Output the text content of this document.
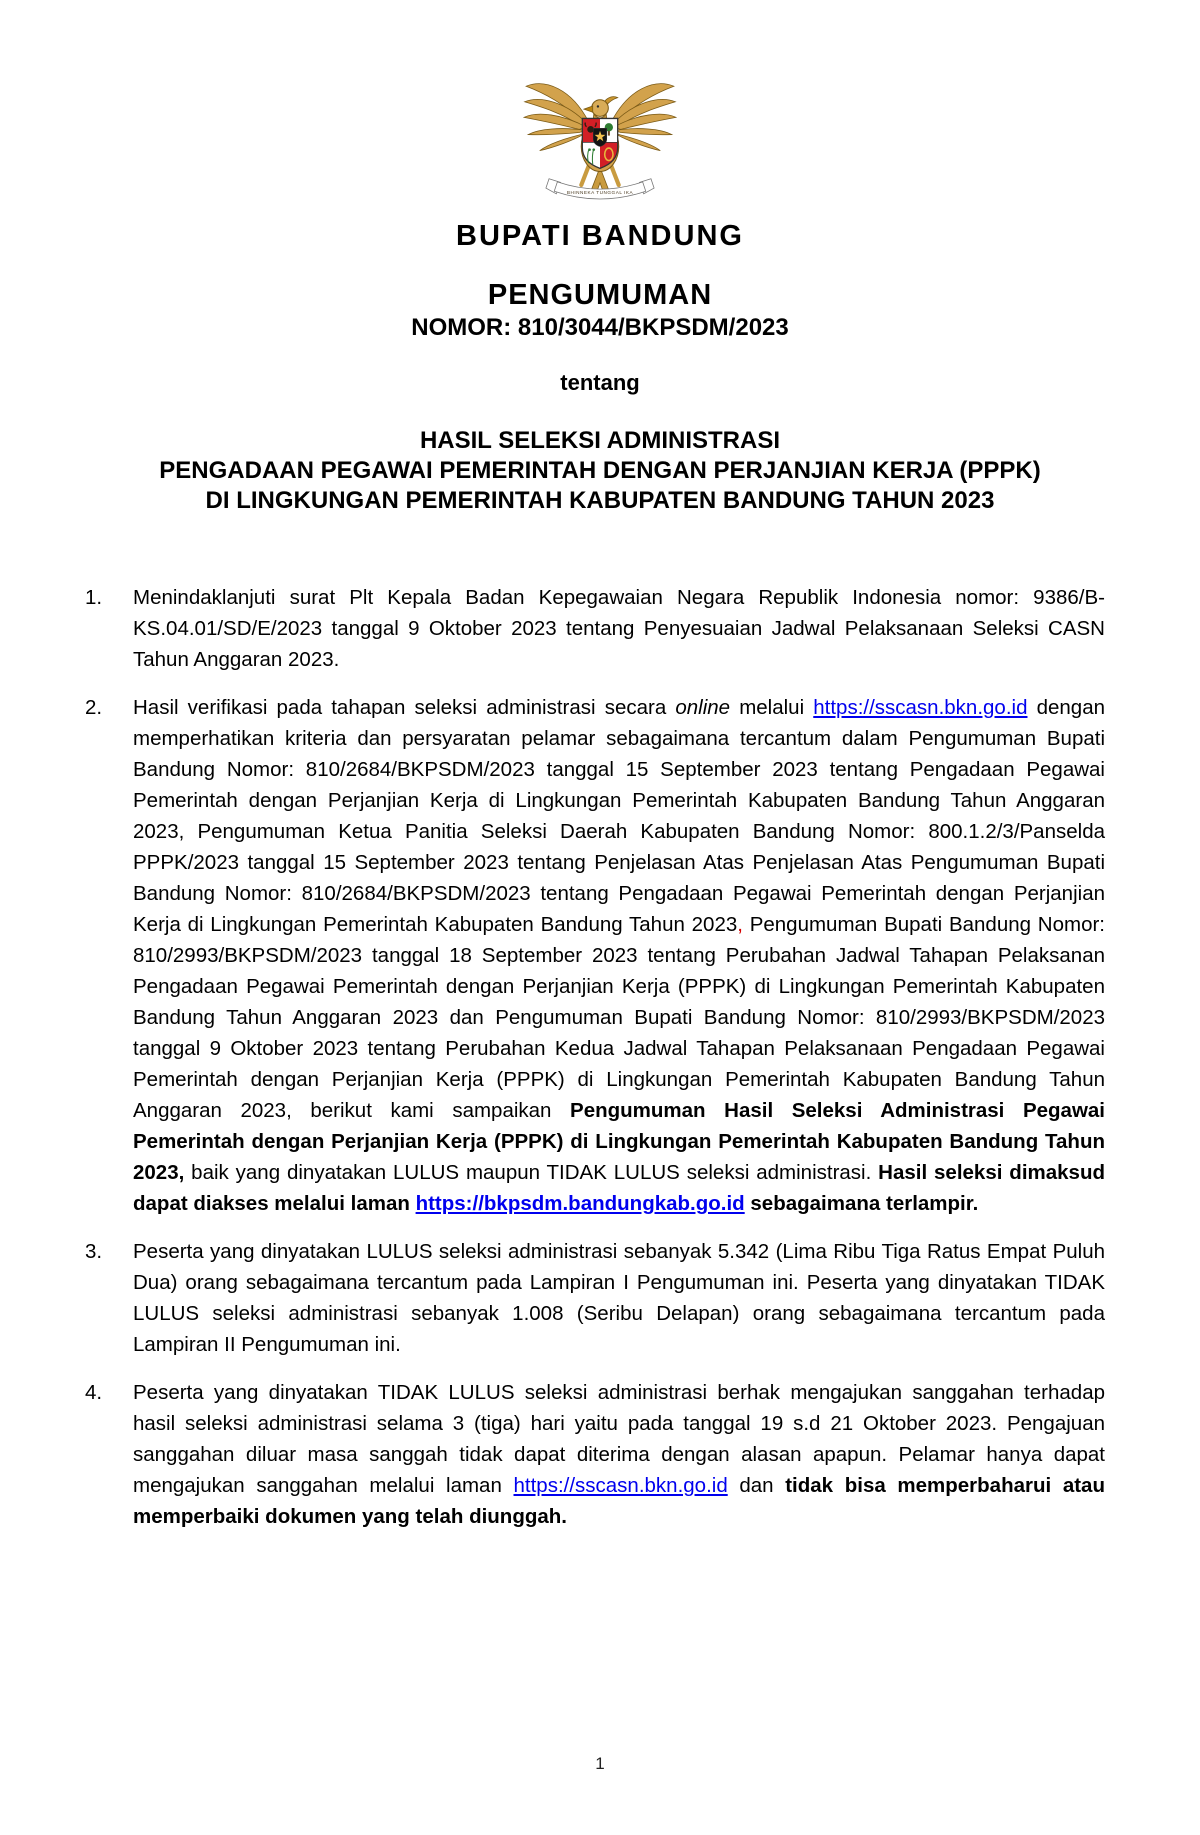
BHINNEKA TUNGGAL IKA
BUPATI BANDUNG
PENGUMUMAN
NOMOR: 810/3044/BKPSDM/2023
tentang
HASIL SELEKSI ADMINISTRASI
PENGADAAN PEGAWAI PEMERINTAH DENGAN PERJANJIAN KERJA (PPPK)
DI LINGKUNGAN PEMERINTAH KABUPATEN BANDUNG TAHUN 2023
1. Menindaklanjuti surat Plt Kepala Badan Kepegawaian Negara Republik Indonesia nomor: 9386/B-KS.04.01/SD/E/2023 tanggal 9 Oktober 2023 tentang Penyesuaian Jadwal Pelaksanaan Seleksi CASN Tahun Anggaran 2023.
2. Hasil verifikasi pada tahapan seleksi administrasi secara online melalui https://sscasn.bkn.go.id dengan memperhatikan kriteria dan persyaratan pelamar sebagaimana tercantum dalam Pengumuman Bupati Bandung Nomor: 810/2684/BKPSDM/2023 tanggal 15 September 2023 tentang Pengadaan Pegawai Pemerintah dengan Perjanjian Kerja di Lingkungan Pemerintah Kabupaten Bandung Tahun Anggaran 2023, Pengumuman Ketua Panitia Seleksi Daerah Kabupaten Bandung Nomor: 800.1.2/3/Panselda PPPK/2023 tanggal 15 September 2023 tentang Penjelasan Atas Penjelasan Atas Pengumuman Bupati Bandung Nomor: 810/2684/BKPSDM/2023 tentang Pengadaan Pegawai Pemerintah dengan Perjanjian Kerja di Lingkungan Pemerintah Kabupaten Bandung Tahun 2023, Pengumuman Bupati Bandung Nomor: 810/2993/BKPSDM/2023 tanggal 18 September 2023 tentang Perubahan Jadwal Tahapan Pelaksanan Pengadaan Pegawai Pemerintah dengan Perjanjian Kerja (PPPK) di Lingkungan Pemerintah Kabupaten Bandung Tahun Anggaran 2023 dan Pengumuman Bupati Bandung Nomor: 810/2993/BKPSDM/2023 tanggal 9 Oktober 2023 tentang Perubahan Kedua Jadwal Tahapan Pelaksanaan Pengadaan Pegawai Pemerintah dengan Perjanjian Kerja (PPPK) di Lingkungan Pemerintah Kabupaten Bandung Tahun Anggaran 2023, berikut kami sampaikan Pengumuman Hasil Seleksi Administrasi Pegawai Pemerintah dengan Perjanjian Kerja (PPPK) di Lingkungan Pemerintah Kabupaten Bandung Tahun 2023, baik yang dinyatakan LULUS maupun TIDAK LULUS seleksi administrasi. Hasil seleksi dimaksud dapat diakses melalui laman https://bkpsdm.bandungkab.go.id sebagaimana terlampir.
3. Peserta yang dinyatakan LULUS seleksi administrasi sebanyak 5.342 (Lima Ribu Tiga Ratus Empat Puluh Dua) orang sebagaimana tercantum pada Lampiran I Pengumuman ini. Peserta yang dinyatakan TIDAK LULUS seleksi administrasi sebanyak 1.008 (Seribu Delapan) orang sebagaimana tercantum pada Lampiran II Pengumuman ini.
4. Peserta yang dinyatakan TIDAK LULUS seleksi administrasi berhak mengajukan sanggahan terhadap hasil seleksi administrasi selama 3 (tiga) hari yaitu pada tanggal 19 s.d 21 Oktober 2023. Pengajuan sanggahan diluar masa sanggah tidak dapat diterima dengan alasan apapun. Pelamar hanya dapat mengajukan sanggahan melalui laman https://sscasn.bkn.go.id dan tidak bisa memperbaharui atau memperbaiki dokumen yang telah diunggah.
1
